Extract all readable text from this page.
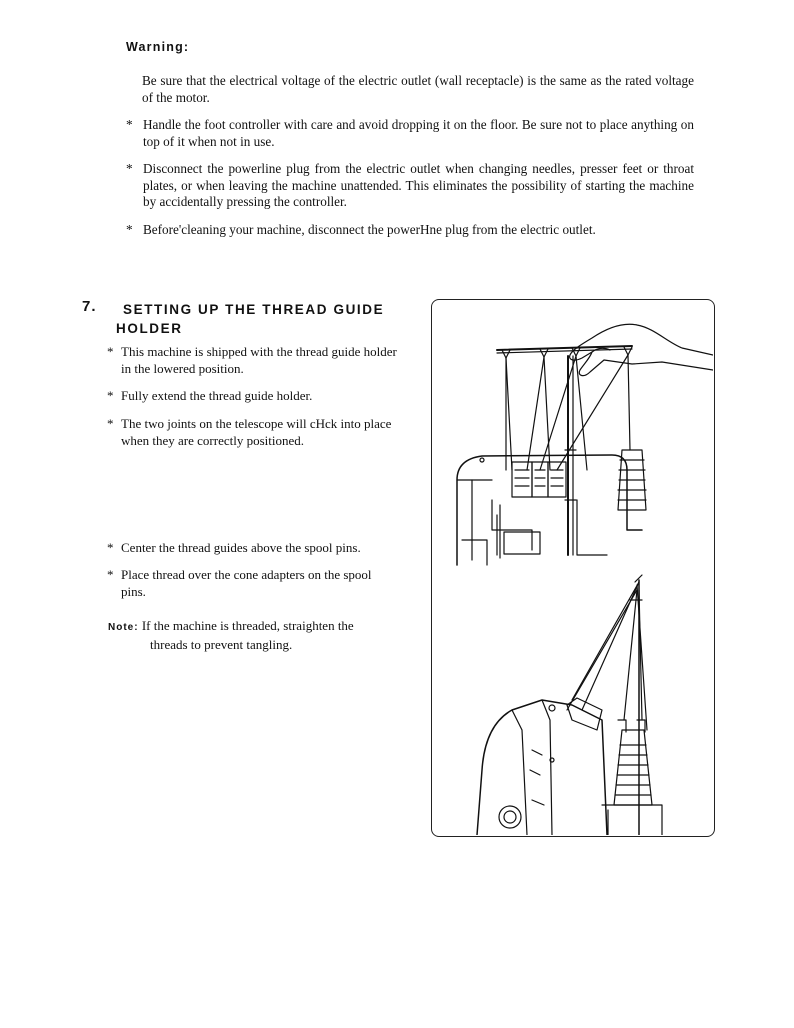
Warning:
Be sure that the electrical voltage of the electric outlet (wall receptacle) is the same as the rated voltage of the motor.
* Handle the foot controller with care and avoid dropping it on the floor. Be sure not to place anything on top of it when not in use.
* Disconnect the powerline plug from the electric outlet when changing needles, presser feet or throat plates, or when leaving the machine unattended. This eliminates the possibility of starting the machine by accidentally pressing the controller.
* Before'cleaning your machine, disconnect the powerHne plug from the electric outlet.
7.	SETTING UP THE THREAD GUIDE HOLDER
* This machine is shipped with the thread guide holder in the lowered position.
* Fully extend the thread guide holder.
* The two joints on the telescope will cHck into place when they are correctly positioned.
* Center the thread guides above the spool pins.
* Place thread over the cone adapters on the spool pins.
Note: If the machine is threaded, straighten the
threads to prevent tangling.
